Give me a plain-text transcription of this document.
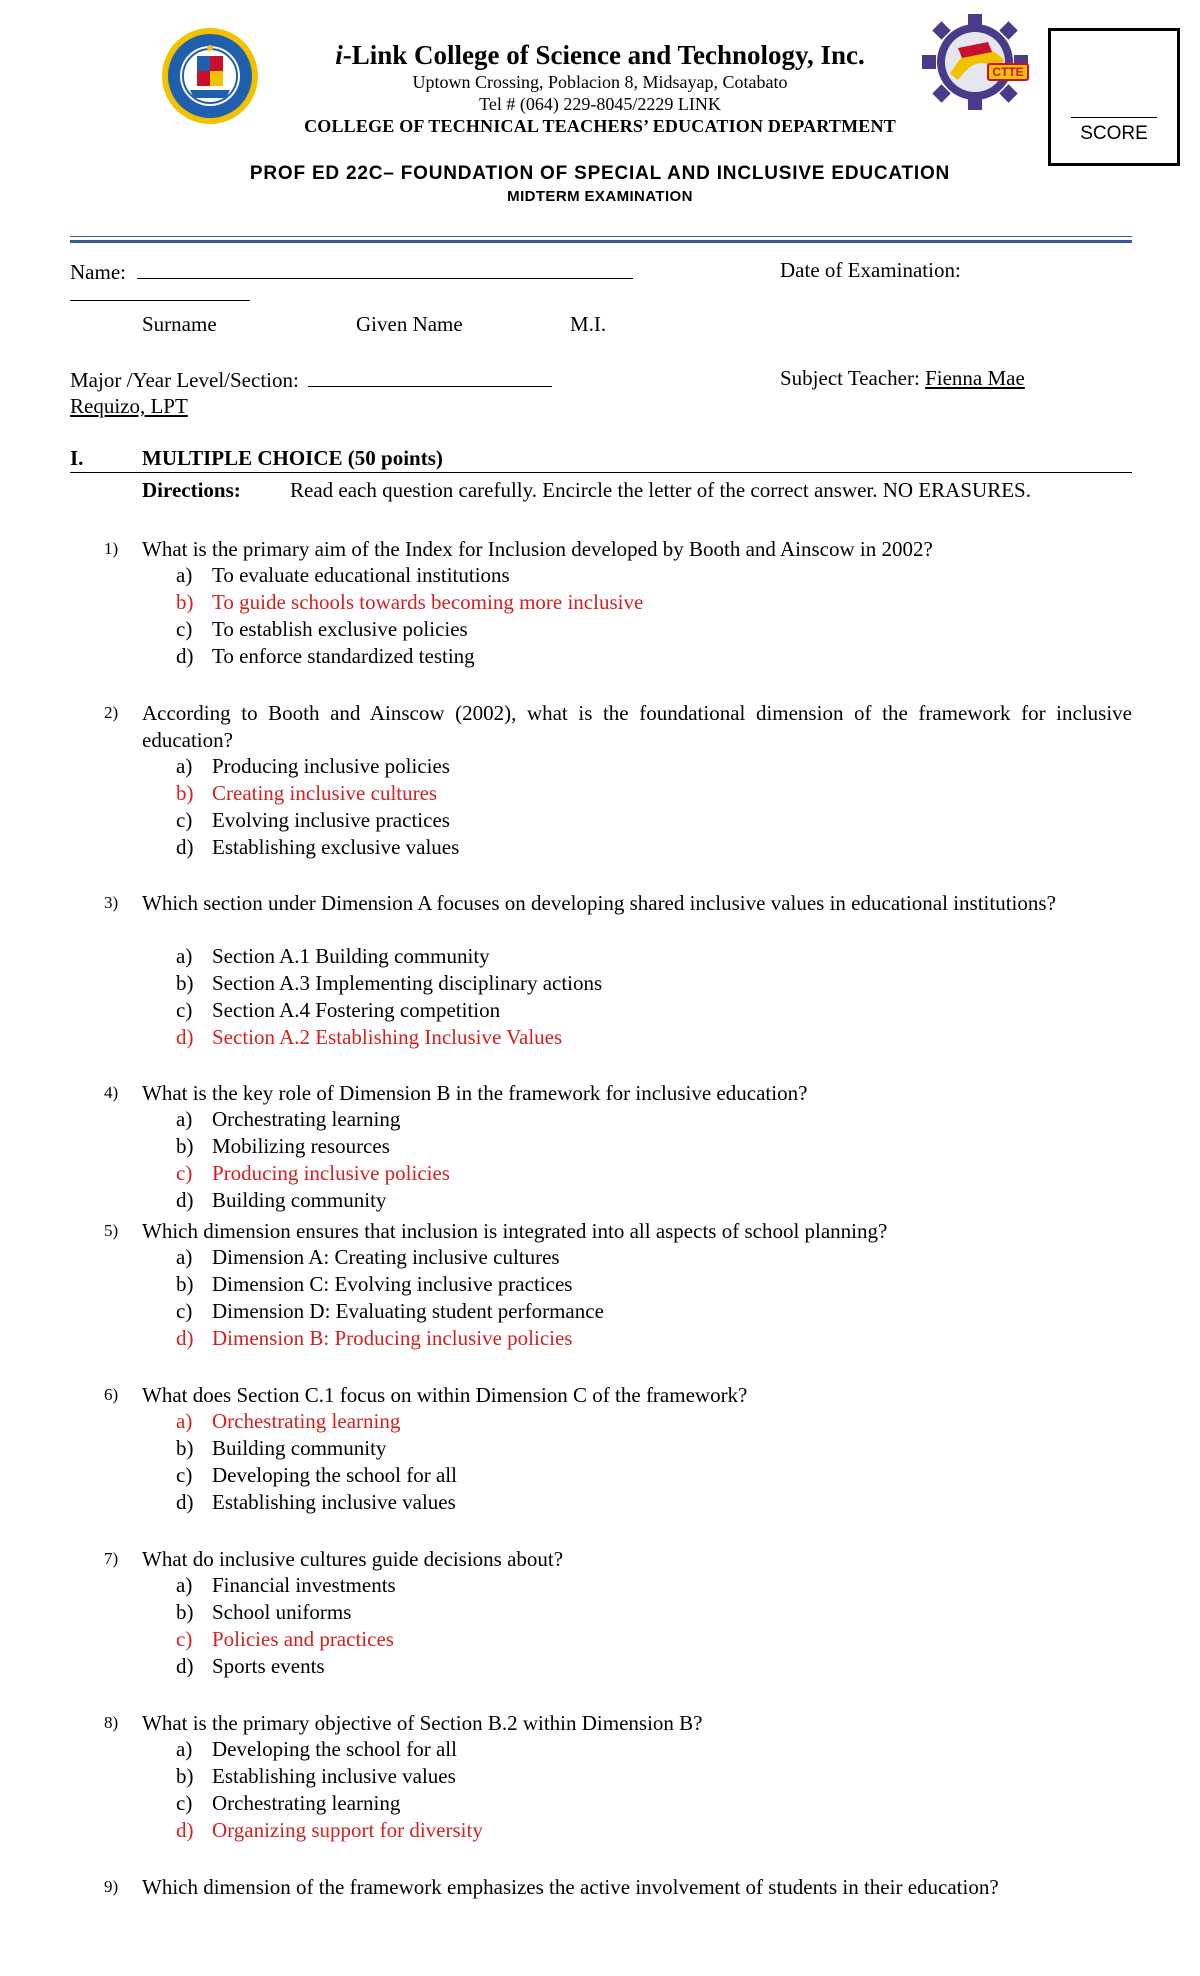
CTTE
i-Link College of Science and Technology, Inc.
Uptown Crossing, Poblacion 8, Midsayap, Cotabato
Tel # (064) 229-8045/2229 LINK
COLLEGE OF TECHNICAL TEACHERS’ EDUCATION DEPARTMENT	SCORE
PROF ED 22C– FOUNDATION OF SPECIAL AND INCLUSIVE EDUCATION
MIDTERM EXAMINATION
Name:	Date of Examination:
Surname	Given Name	M.I.
Major /Year Level/Section:	Subject Teacher: Fienna Mae
Requizo, LPT
I.	MULTIPLE CHOICE (50 points)
Directions: Read each question carefully. Encircle the letter of the correct answer. NO ERASURES.
1) What is the primary aim of the Index for Inclusion developed by Booth and Ainscow in 2002?
a) To evaluate educational institutions
b) To guide schools towards becoming more inclusive
c) To establish exclusive policies
d) To enforce standardized testing
2) According to Booth and Ainscow (2002), what is the foundational dimension of the framework for inclusive education?
a) Producing inclusive policies
b) Creating inclusive cultures
c) Evolving inclusive practices
d) Establishing exclusive values
3) Which section under Dimension A focuses on developing shared inclusive values in educational institutions?
a) Section A.1 Building community
b) Section A.3 Implementing disciplinary actions
c) Section A.4 Fostering competition
d) Section A.2 Establishing Inclusive Values
4) What is the key role of Dimension B in the framework for inclusive education?
a) Orchestrating learning
b) Mobilizing resources
c) Producing inclusive policies
d) Building community
5) Which dimension ensures that inclusion is integrated into all aspects of school planning?
a) Dimension A: Creating inclusive cultures
b) Dimension C: Evolving inclusive practices
c) Dimension D: Evaluating student performance
d) Dimension B: Producing inclusive policies
6) What does Section C.1 focus on within Dimension C of the framework?
a) Orchestrating learning
b) Building community
c) Developing the school for all
d) Establishing inclusive values
7) What do inclusive cultures guide decisions about?
a) Financial investments
b) School uniforms
c) Policies and practices
d) Sports events
8) What is the primary objective of Section B.2 within Dimension B?
a) Developing the school for all
b) Establishing inclusive values
c) Orchestrating learning
d) Organizing support for diversity
9) Which dimension of the framework emphasizes the active involvement of students in their education?
